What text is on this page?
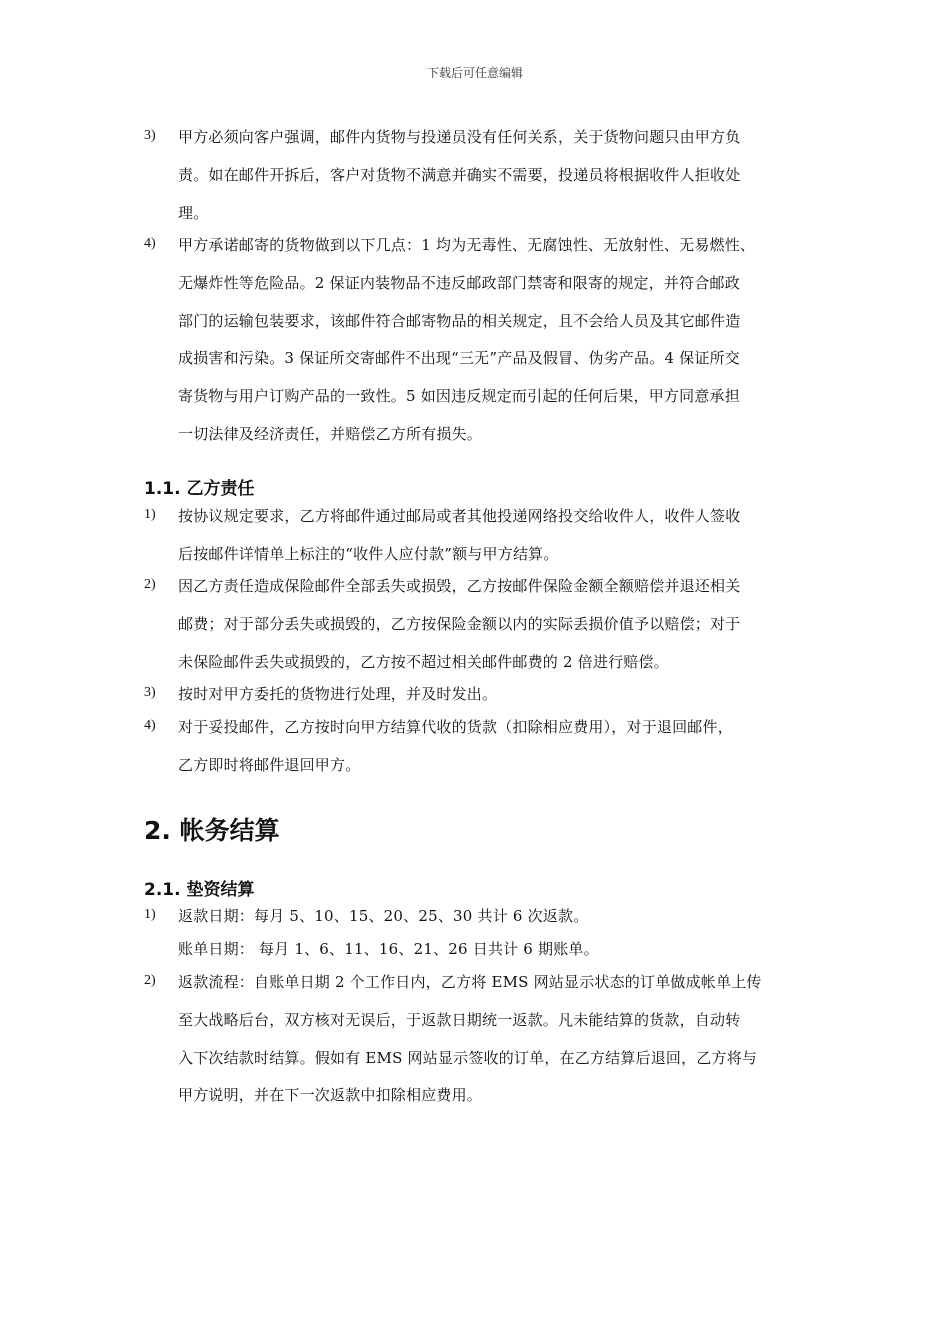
下载后可任意编辑
3) 甲方必须向客户强调，邮件内货物与投递员没有任何关系，关于货物问题只由甲方负
责。如在邮件开拆后，客户对货物不满意并确实不需要，投递员将根据收件人拒收处
理。
4) 甲方承诺邮寄的货物做到以下几点：1 均为无毒性、无腐蚀性、无放射性、无易燃性、
无爆炸性等危险品。2 保证内装物品不违反邮政部门禁寄和限寄的规定，并符合邮政
部门的运输包装要求，该邮件符合邮寄物品的相关规定，且不会给人员及其它邮件造
成损害和污染。3 保证所交寄邮件不出现“三无”产品及假冒、伪劣产品。4 保证所交
寄货物与用户订购产品的一致性。5 如因违反规定而引起的任何后果，甲方同意承担
一切法律及经济责任，并赔偿乙方所有损失。
1.1. 乙方责任
1) 按协议规定要求，乙方将邮件通过邮局或者其他投递网络投交给收件人，收件人签收
后按邮件详情单上标注的“收件人应付款”额与甲方结算。
2) 因乙方责任造成保险邮件全部丢失或损毁，乙方按邮件保险金额全额赔偿并退还相关
邮费；对于部分丢失或损毁的，乙方按保险金额以内的实际丢损价值予以赔偿；对于
未保险邮件丢失或损毁的，乙方按不超过相关邮件邮费的 2 倍进行赔偿。
3) 按时对甲方委托的货物进行处理，并及时发出。
4) 对于妥投邮件，乙方按时向甲方结算代收的货款（扣除相应费用），对于退回邮件，
乙方即时将邮件退回甲方。
2. 帐务结算
2.1. 垫资结算
1) 返款日期：每月 5、10、15、20、25、30 共计 6 次返款。
账单日期： 每月 1、6、11、16、21、26 日共计 6 期账单。
2) 返款流程：自账单日期 2 个工作日内，乙方将 EMS 网站显示状态的订单做成帐单上传
至大战略后台，双方核对无误后，于返款日期统一返款。凡未能结算的货款，自动转
入下次结款时结算。假如有 EMS 网站显示签收的订单，在乙方结算后退回，乙方将与
甲方说明，并在下一次返款中扣除相应费用。
